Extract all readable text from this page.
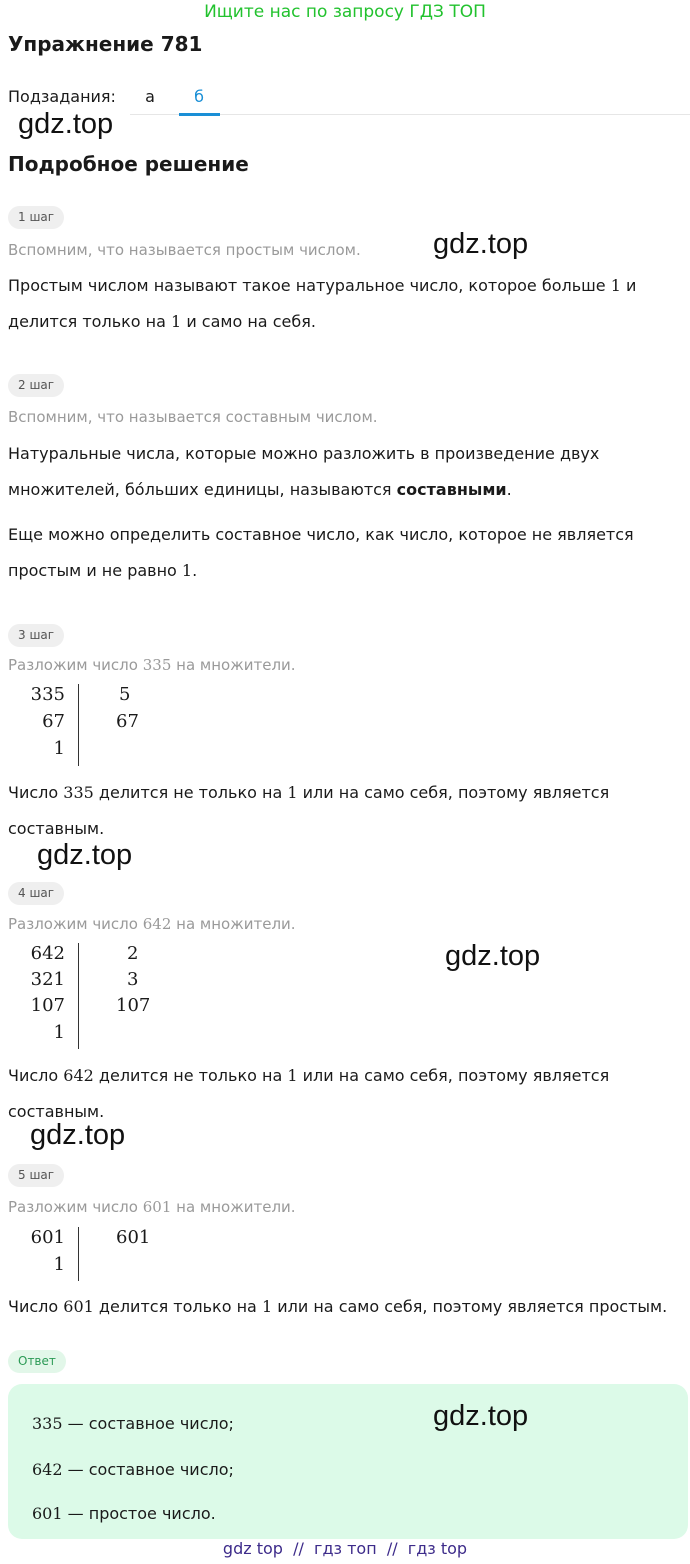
Ищите нас по запросу ГДЗ ТОП
Упражнение 781
Подзадания:	а	б
gdz.top
Подробное решение
1 шаг
Вспомним, что называется простым числом. gdz.top
Простым числом называют такое натуральное число, которое больше 1 и
делится только на 1 и само на себя.
2 шаг
Вспомним, что называется составным числом.
Натуральные числа, которые можно разложить в произведение двух
множителей, бо́льших единицы, называются составными.
Еще можно определить составное число, как число, которое не является
простым и не равно 1.
3 шаг
Разложим число 335 на множители.
335
67
1
5
67
Число 335 делится не только на 1 или на само себя, поэтому является
составным.
gdz.top
4 шаг
Разложим число 642 на множители.
gdz.top
642
321
107
1
2
3
107
Число 642 делится не только на 1 или на само себя, поэтому является
составным.
gdz.top
5 шаг
Разложим число 601 на множители.
601
1
601
Число 601 делится только на 1 или на само себя, поэтому является простым.
Ответ
335 — составное число;
642 — составное число;
601 — простое число.
gdz.top
gdz top  //  гдз топ  //  гдз top
